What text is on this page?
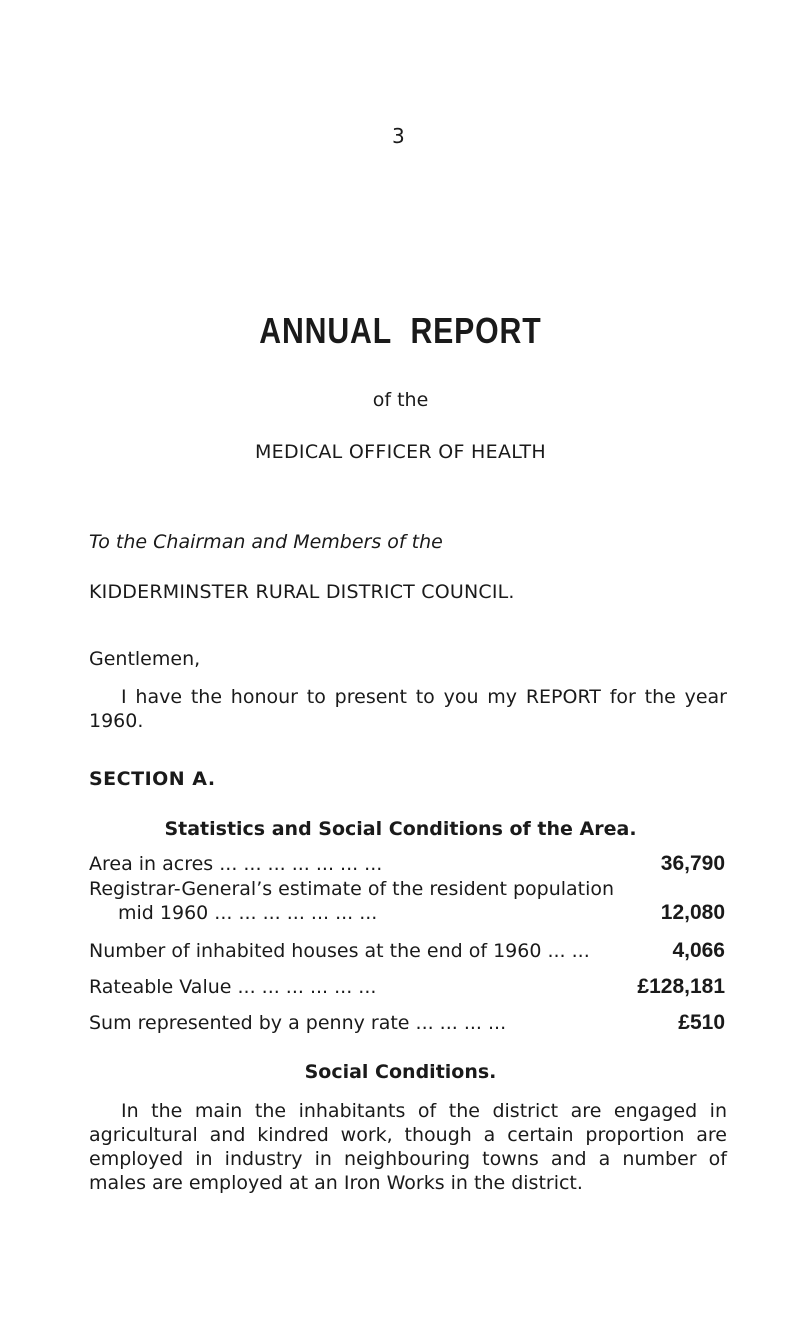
3
ANNUAL REPORT
of the
MEDICAL OFFICER OF HEALTH
To the Chairman and Members of the
KIDDERMINSTER RURAL DISTRICT COUNCIL.
Gentlemen,
I have the honour to present to you my REPORT for the year 1960.
SECTION A.
Statistics and Social Conditions of the Area.
Area in acres ... ... ... ... ... ... ...	36,790
Registrar-General’s estimate of the resident population
mid 1960 ... ... ... ... ... ... ...	12,080
Number of inhabited houses at the end of 1960 ... ...	4,066
Rateable Value ... ... ... ... ... ...	£128,181
Sum represented by a penny rate ... ... ... ...	£510
Social Conditions.
In the main the inhabitants of the district are engaged in agricultural and kindred work, though a certain proportion are employed in industry in neighbouring towns and a number of males are employed at an Iron Works in the district.
